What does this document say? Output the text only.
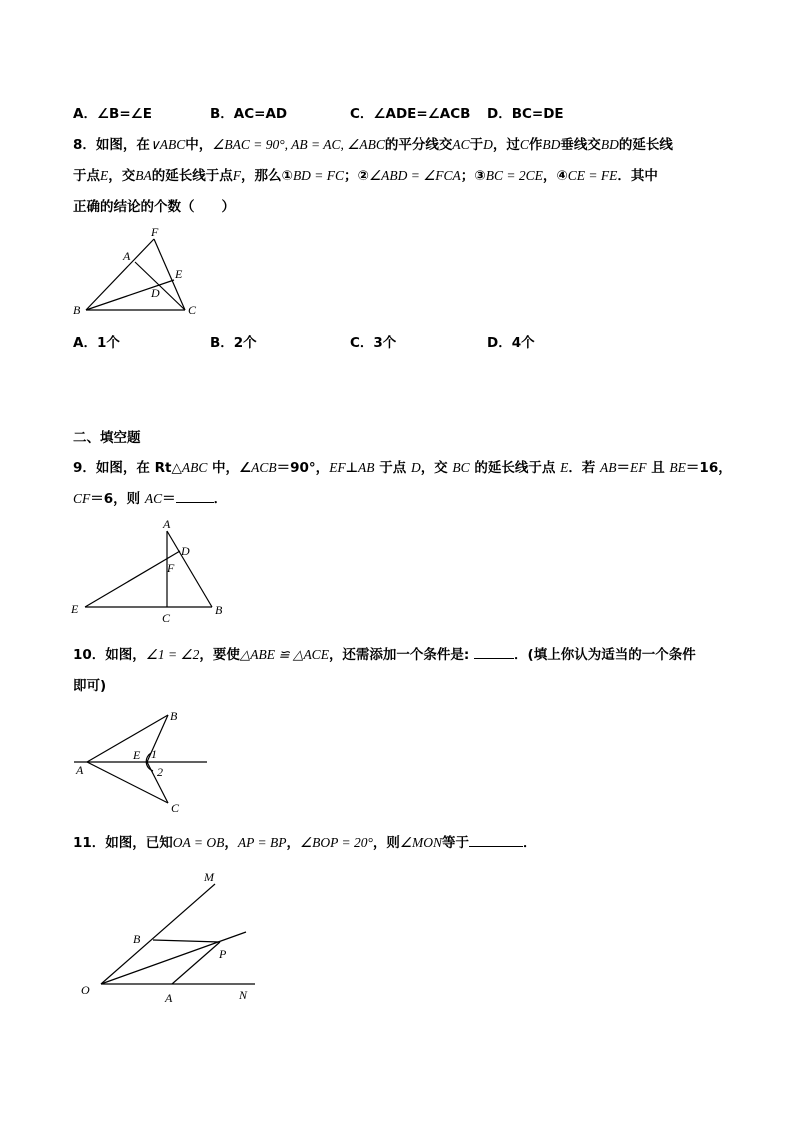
A．∠B=∠E	B．AC=AD	C．∠ADE=∠ACB D．BC=DE
8．如图，在∨ABC中，∠BAC = 90°, AB = AC, ∠ABC的平分线交AC于D，过C作BD垂线交BD的延长线
于点E，交BA的延长线于点F，那么①BD = FC；②∠ABD = ∠FCA；③BC = 2CE，④CE = FE．其中
正确的结论的个数（　　）
F
A
E
D
B	C
A．1个	B．2个	C．3个	D．4个
二、填空题
9．如图，在 Rt△ABC 中，∠ACB＝90°，EF⊥AB 于点 D，交 BC 的延长线于点 E．若 AB＝EF 且 BE＝16，
CF＝6，则 AC＝	．
A
D
F
E
C
B
10．如图，∠1 = ∠2，要使△ABE ≌ △ACE，还需添加一个条件是:	．(填上你认为适当的一个条件
即可)
B
E 1
2
A
C
11．如图，已知OA = OB，AP = BP，∠BOP = 20°，则∠MON等于	．
M
B
P
O
A	N
